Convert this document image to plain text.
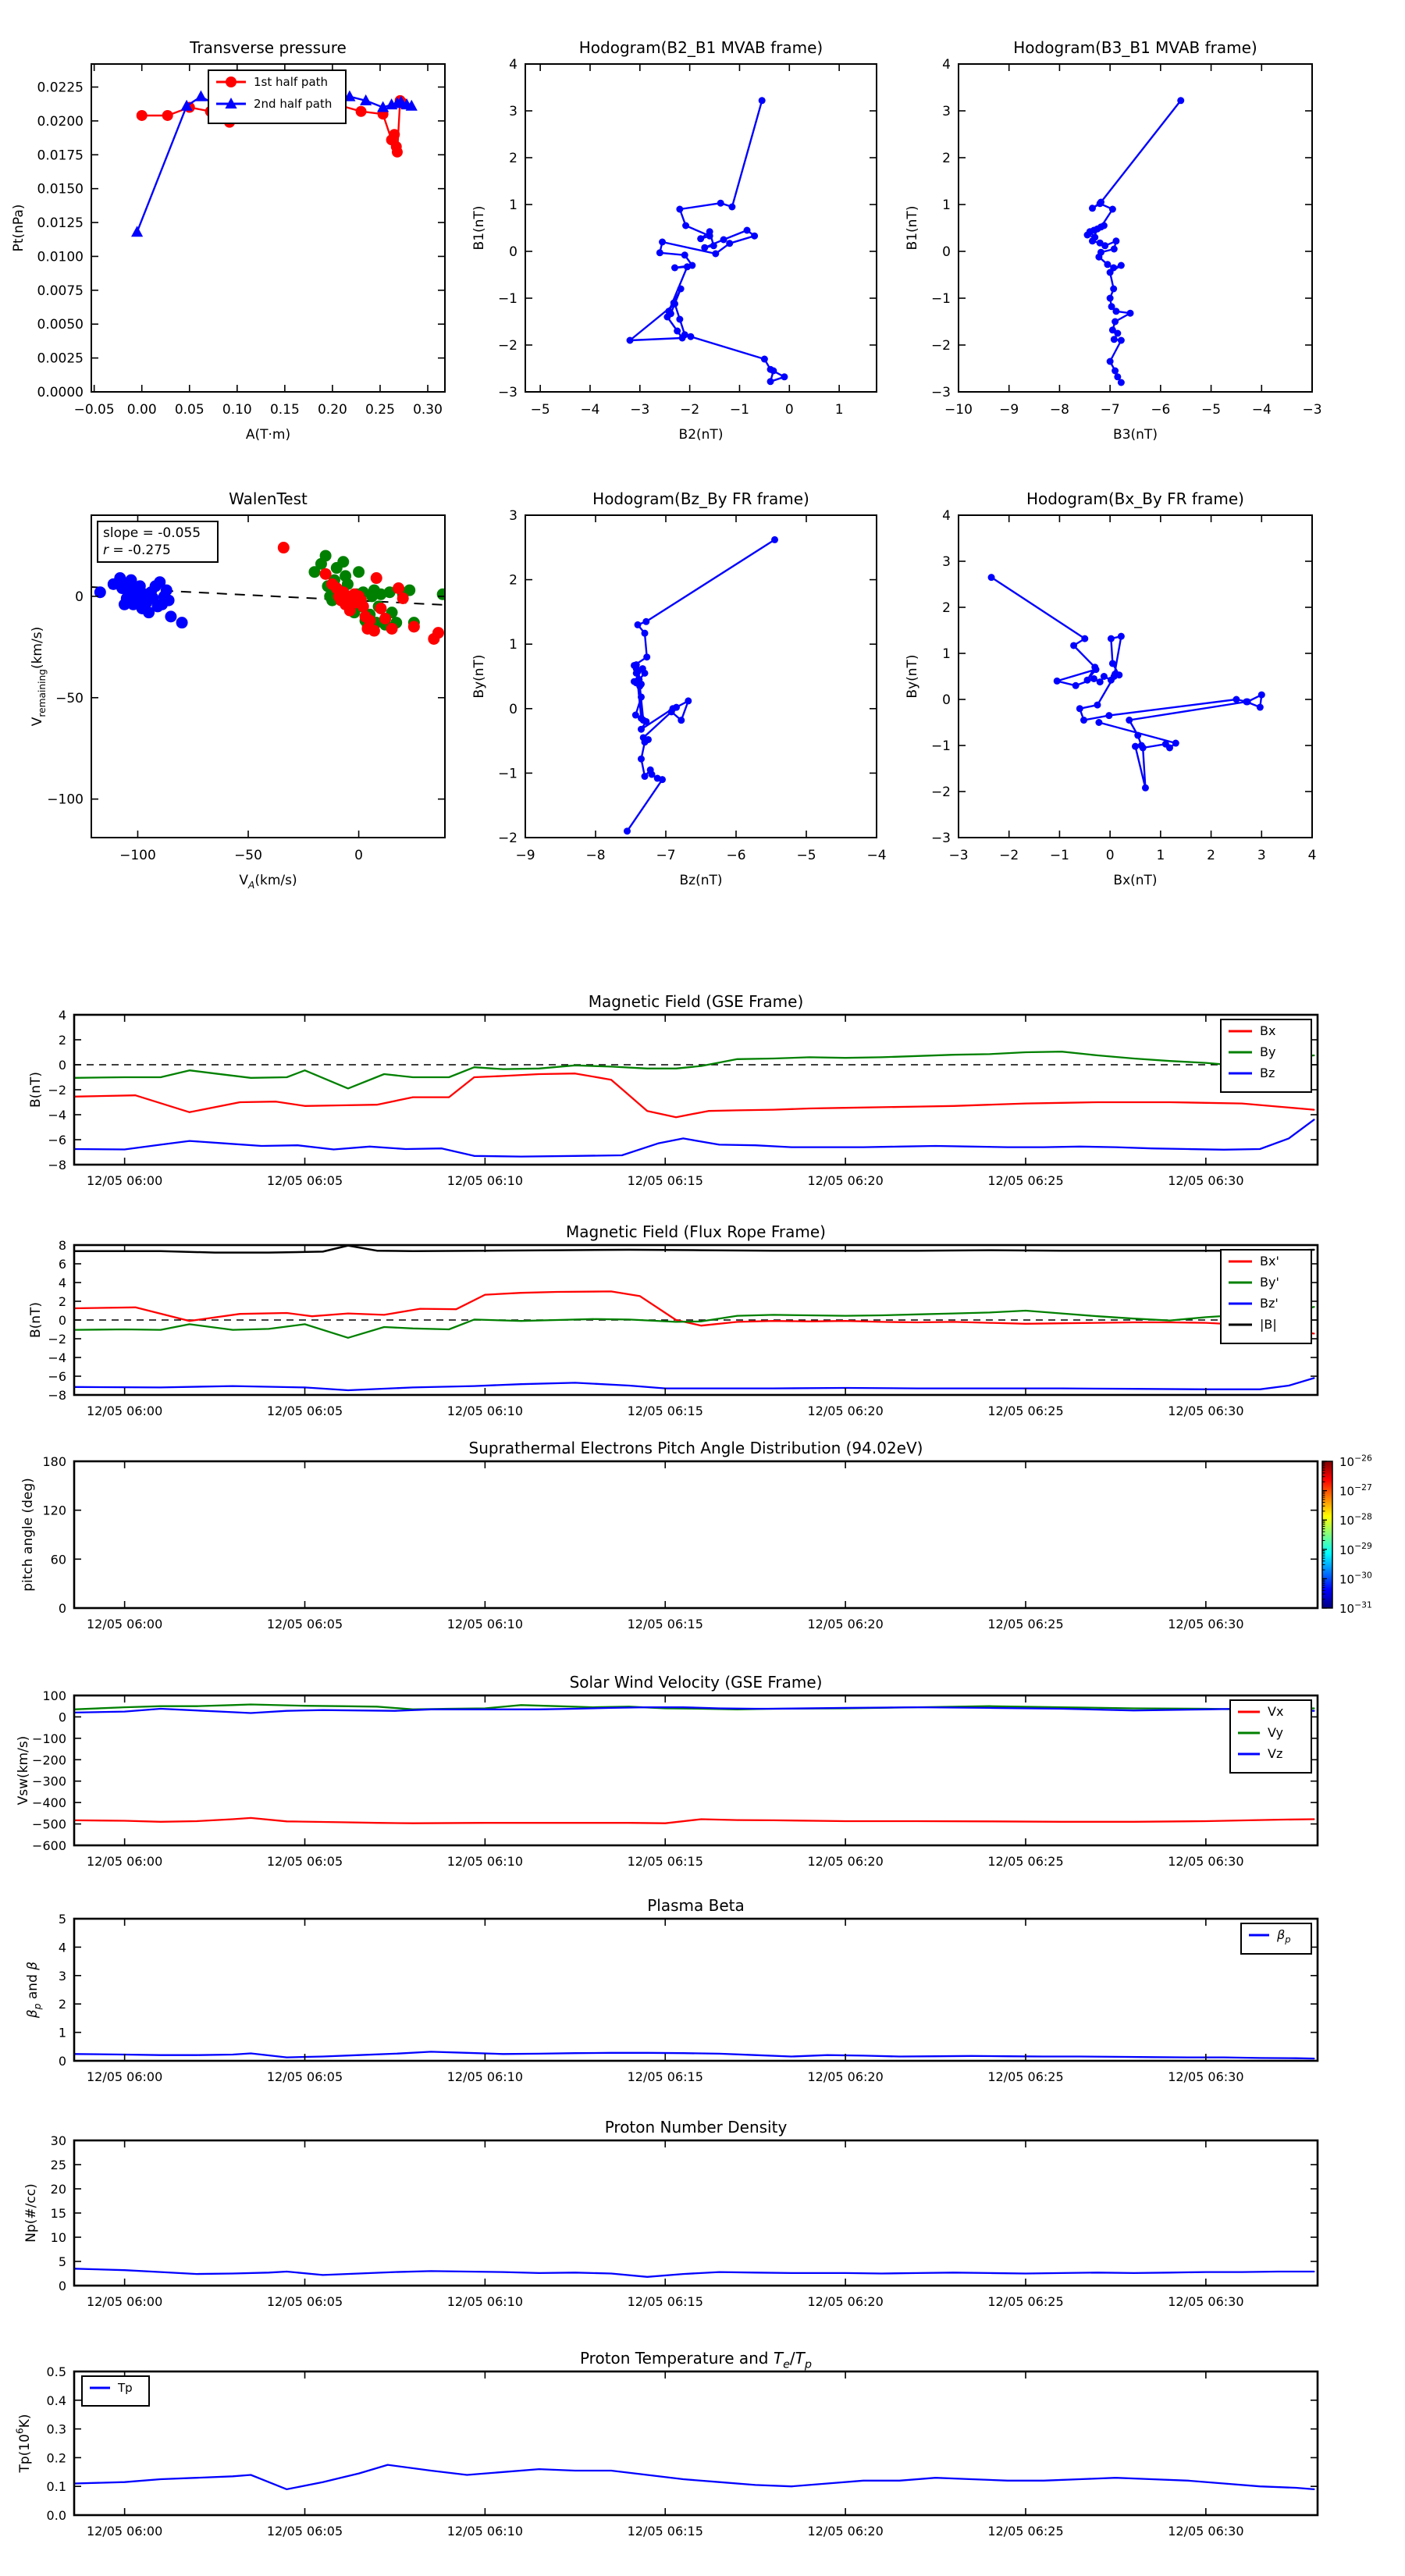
−0.05 0.00 0.05 0.10 0.15 0.20 0.25 0.30
0.0000
0.0025
0.0050
0.0075
0.0100
0.0125
0.0150
0.0175
0.0200
0.0225
Transverse pressure
A(T·m)
Pt(nPa)
1st half path
2nd half path
−5 −4 −3 −2 −1	0	1
−3
−2
−1
0
1
2
3
4
Hodogram(B2_B1 MVAB frame)
B2(nT)
B1(nT)
−10 −9 −8 −7 −6 −5 −4 −3
−3
−2
−1
0
1
2
3
4
Hodogram(B3_B1 MVAB frame)
B3(nT)
B1(nT)
−100	−50	0
0
−50
−100
WalenTest
$V_A(km/s)$
$V_{remaining}(km/s)$
slope = -0.055
r = -0.275
−9	−8	−7	−6	−5	−4
−2
−1
0
1
2
3
Hodogram(Bz_By FR frame)
Bz(nT)
By(nT)
−3 −2 −1	0	1	2	3	4
−3
−2
−1
0
1
2
3
4
Hodogram(Bx_By FR frame)
Bx(nT)
By(nT)
12/05 06:00	12/05 06:05	12/05 06:10	12/05 06:15	12/05 06:20	12/05 06:25	12/05 06:30
−8
−6
−4
−2
0
2
4
Magnetic Field (GSE Frame)
B(nT)
Bx
By
Bz
12/05 06:00	12/05 06:05	12/05 06:10	12/05 06:15	12/05 06:20	12/05 06:25	12/05 06:30
−8
−6
−4
−2
0
2
4
6
8
Magnetic Field (Flux Rope Frame)
B(nT)
Bx'
By'
Bz'
|B|
12/05 06:00	12/05 06:05	12/05 06:10	12/05 06:15	12/05 06:20	12/05 06:25	12/05 06:30
0
60
120
180
Suprathermal Electrons Pitch Angle Distribution (94.02eV)
pitch angle (deg)
$10^{-26}$
$10^{-27}$
$10^{-28}$
$10^{-29}$
$10^{-30}$
$10^{-31}$
12/05 06:00	12/05 06:05	12/05 06:10	12/05 06:15	12/05 06:20	12/05 06:25	12/05 06:30
−600
−500
−400
−300
−200
−100
0
100
Solar Wind Velocity (GSE Frame)
Vsw(km/s)
Vx
Vy
Vz
12/05 06:00	12/05 06:05	12/05 06:10	12/05 06:15	12/05 06:20	12/05 06:25	12/05 06:30
0
1
2
3
4
5
Plasma Beta
$\beta_p$ and β
$\beta_p$
12/05 06:00	12/05 06:05	12/05 06:10	12/05 06:15	12/05 06:20	12/05 06:25	12/05 06:30
0
5
10
15
20
25
30
Proton Number Density
Np(#/cc)
12/05 06:00	12/05 06:05	12/05 06:10	12/05 06:15	12/05 06:20	12/05 06:25	12/05 06:30
0.0
0.1
0.2
0.3
0.4
0.5
Proton Temperature and $T_e/T_p$
$Tp(10^6K)$
Tp
